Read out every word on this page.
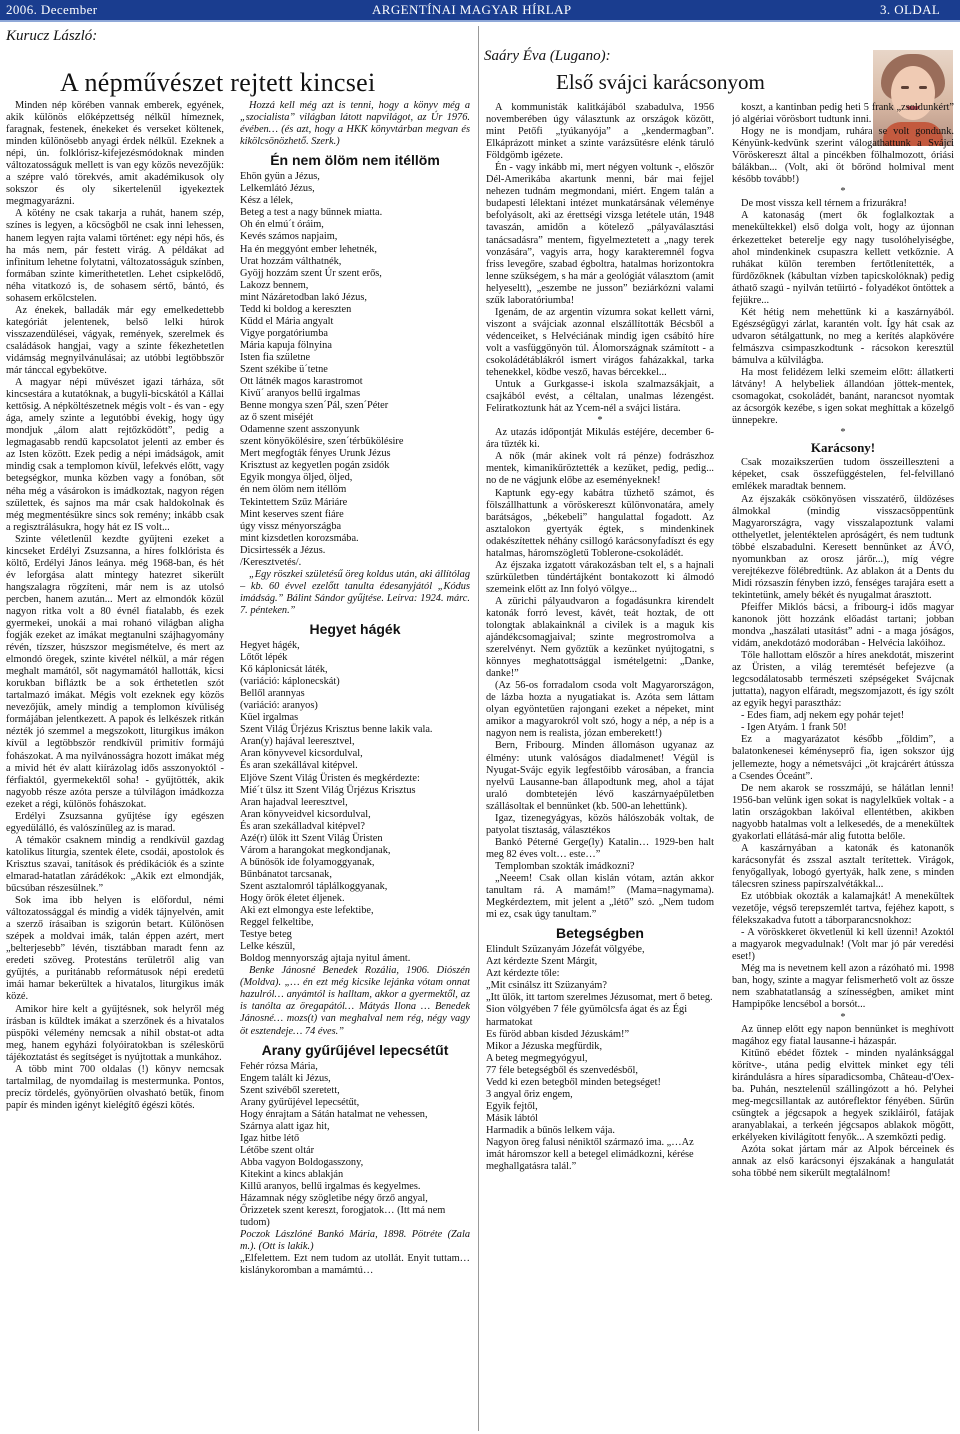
2006. December	ARGENTÍNAI MAGYAR HÍRLAP	3. OLDAL
Kurucz László:
A népművészet rejtett kincsei

Minden nép körében vannak emberek, egyének, akik különös előképzettség nélkül hímeznek, faragnak, festenek, énekeket és verseket költenek, minden különösebb anyagi érdek nélkül. Ezeknek a népi, ún. folklórisz-kifejezésmódoknak minden változatosságuk mellett is van egy közös nevezőjük: a szépre való törekvés, amit akadémikusok oly sokszor és oly sikertelenül igyekeztek megmagyarázni.

A kötény ne csak takarja a ruhát, hanem szép, színes is legyen, a köcsögből ne csak inni lehessen, hanem legyen rajta valami történet: egy népi hős, és ha más nem, pár festett virág. A példákat ad infinitum lehetne folytatni, változatosságuk színben, formában szinte kimeríthetetlen. Lehet csipkelődő, néha vitatkozó is, de sohasem sértő, bántó, és sohasem erkölcstelen.

Az énekek, balladák már egy emelkedettebb kategóriát jelentenek, belső lelki húrok visszazendülései, vágyak, remények, szerelmek és családások hangjai, vagy a szinte fékezhetetlen vidámság megnyilvánulásai; az utóbbi legtöbbször már tánccal egybekötve.

A magyar népi művészet igazi tárháza, sőt kincsestára a kutatóknak, a bugyli-bicskától a Kállai kettősig. A népköltészetnek mégis volt - és van - egy ága, amely szinte a legutóbbi évekig, hogy úgy mondjuk „álom alatt rejtőzködött”, pedig a legmagasabb rendű kapcsolatot jelenti az ember és az Isten között. Ezek pedig a népi imádságok, amit mindig csak a templomon kívül, lefekvés előtt, vagy betegségkor, munka közben vagy a fonóban, sőt néha még a vásárokon is imádkoztak, nagyon régen születtek, és sajnos ma már csak haldokolnak és még megmentésükre sincs sok remény; inkább csak a regisztrálásukra, hogy hát ez IS volt...

Szinte véletlenül kezdte gyűjteni ezeket a kincseket Erdélyi Zsuzsanna, a híres folklórista és költő, Erdélyi János leánya. még 1968-ban, és hét év leforgása alatt mintegy hatezret sikerült hangszalagra rögzíteni, már nem is az utolsó percben, hanem azután... Mert az elmondók közül nagyon ritka volt a 80 évnél fiatalabb, és ezek gyermekei, unokái a mai rohanó világban aligha fogják ezeket az imákat megtanulni szájhagyomány révén, tízszer, húszszor megismételve, és mert az elmondó öregek, szinte kivétel nélkül, a már régen meghalt mamától, sőt nagymamától hallották, kicsi korukban bifláztk be a sok érthetetlen szót tartalmazó imákat. Mégis volt ezeknek egy közös nevezőjük, amely mindig a templomon kívüliség formájában jelentkezett. A papok és lelkészek ritkán nézték jó szemmel a megszokott, liturgikus imákon kívül a legtöbbször rendkívül primitív formájú fohászokat. A ma nyilvánosságra hozott imákat még a mivid hét év alatt kiírázolag idős asszonyoktól - férfiaktól, gyermekektől soha! - gyűjtötték, akik nagyobb része azóta persze a túlvilágon imádkozza ezeket a régi, különös fohászokat.

Erdélyi Zsuzsanna gyűjtése így egészen egyedülálló, és valószínűleg az is marad.

A témakör csaknem mindig a rendkívül gazdag katolikus liturgia, szentek élete, csodái, apostolok és Krisztus szavai, tanítások és prédikációk és a szinte elmarad-hatatlan zárádékok: „Akik ezt elmondják, bűcsúban részesülnek.”

Sok ima ibb helyen is előfordul, némi változatossággal és mindig a vidék tájnyelvén, amit a szerző írásaiban is szigorún betart. Különösen szépek a moldvai imák, talán éppen azért, mert „belterjesebb” lévén, tisztábban maradt fenn az eredeti szöveg. Protestáns területről alig van gyűjtés, a puritánabb reformátusok népi eredetű imái hamar bekerültek a hivatalos, liturgikus imák közé.

Amikor hire kelt a gyűjtésnek, sok helyről még írásban is küldtek imákat a szerzőnek és a hivatalos püspöki vélemény nemcsak a nihil obstat-ot adta meg, hanem egyházi folyóiratokban is széleskörű tájékoztatást és segítséget is nyújtottak a munkához.

A több mint 700 oldalas (!) könyv nemcsak tartalmilag, de nyomdailag is mestermunka. Pontos, precíz tördelés, gyönyörűen olvasható betűk, finom papír és minden igényt kielégítő égészi kötés.

Hozzá kell még azt is tenni, hogy a könyv még a „szocialista” világban látott napvilágot, az Úr 1976. évében… (és azt, hogy a HKK könyvtárban megvan és kikölcsönözhető. Szerk.)

Én nem ölöm nem itéllöm
Ehön gyün a Jézus,
Lelkemlátó Jézus,
Kész a lélek,
Beteg a test a nagy bűnnek miatta.
Oh én elmú´t óráim,
Kevés számos napjaim,
Ha én meggyónt ember lehetnék,
Urat hozzám válthatnék,
Gyöjj hozzám szent Úr szent erős,
Lakozz bennem,
mint Názáretodban lakó Jézus,
Tedd ki boldog a kereszten
Küdd el Mária angyalt
Vigye porgatóriumba
Mária kapuja fölnyina
Isten fia születne
Szent székibe ü´tetne
Ott látnék magos karastromot
Kivű´ aranyos bellű irgalmas
Benne mongya szen´Pál, szen´Péter
az ő szent miséjét
Odamenne szent asszonyunk
szent könyökölésire, szen´térbükölésire
Mert megfogták fényes Urunk Jézus
Krisztust az kegyetlen pogán zsidók
Egyik mongya öljed, öljed,
én nem ölöm nem itéllöm
Tekintettem Szűz Máriáre
Mint keserves szent fiáre
úgy vissz ményországba
mint kizsdetlen korozsmába.
Dicsirtessék a Jézus.
/Keresztvetés/.

„Egy röszkei születésű öreg koldus után, aki állítólag – kb. 60 évvel ezelőtt tanulta édesanyjától „Kódus imádság.” Bálint Sándor gyűjtése. Leírva: 1924. márc. 7. pénteken.”

Hegyet hágék
Hegyet hágék,
Lőtőt lépék
Kő káplonicsát láték,
(variáció: káplonecskát)
Bellől arannyas
(variáció: aranyos)
Küel irgalmas
Szent Világ Ürjézus Krisztus benne lakik vala.
Aran(y) hajával leeresztvel,
Aran könyvevel kicsordulval,
És aran szekállával kitépvel.
Eljöve Szent Világ Üristen és megkérdezte:
Mié´t ülsz itt Szent Világ Ürjézus Krisztus
Aran hajadval leeresztvel,
Aran könyveidvel kicsordulval,
És aran szekálladval kitépvel?
Azé(r) ülök itt Szent Világ Üristen
Várom a harangokat megkondjanak,
A bűnösök ide folyamoggyanak,
Bűnbánatot tarcsanak,
Szent asztalomról táplálkoggyanak,
Hogy örök életet éljenek.
Aki ezt elmongya este lefektibe,
Reggel felkeltibe,
Testye beteg
Lelke készül,
Boldog mennyország ajtaja nyitul áment.

Benke Jánosné Benedek Rozália, 1906. Diószén (Moldva). „… én ezt még kicsike lejánka vótam onnat hazulról… anyámtól is halltam, akkor a gyermektől, az is tanólta az öregapától… Mátyás Ilona … Benedek Jánosné… mozs(t) van meghalval nem rég, négy vagy öt esztendeje… 74 éves.”

Arany gyűrűjével lepecsétűt
Fehér rózsa Mária,
Engem talált ki Jézus,
Szent szivéből szeretett,
Arany gyűrűjével lepecsétűt,
Hogy énrajtam a Sátán hatalmat ne vehessen,
Szárnya alatt igaz hit,
Igaz hitbe létő
Létőbe szent oltár
Abba vagyon Boldogasszony,
Kitekint a kincs ablakján
Killű aranyos, bellű irgalmas és kegyelmes.
Házamnak négy szögletibe négy őrző angyal,
Őrizzetek szent kereszt, forogjatok… (Itt má nem tudom)

Poczok Lászlóné Bankó Mária, 1898. Pötréte (Zala m.). (Ott is lakik.)

„Elfelettem. Ezt nem tudom az utollát. Enyit tuttam… kislánykoromban a mamámtú…

Saáry Éva (Lugano):
Első svájci karácsonyom

A kommunisták kalitkájából szabadulva, 1956 novemberében úgy választunk az országok között, mint Petőfi „tyúkanyója” a „kendermagban”. Elkáprázott minket a szinte varázsütésre elénk táruló Földgömb igézete.

Én - vagy inkább mi, mert négyen voltunk -, először Dél-Amerikába akartunk menni, bár mai fejjel nehezen tudnám megmondani, miért. Engem talán a budapesti lélektani intézet munkatársának véleménye befolyásolt, aki az érettségi vizsga letétele után, 1948 tavaszán, amidőn a kötelező „pályaválasztási tanácsadásra” mentem, figyelmeztetett a „nagy terek vonzására”, vagyis arra, hogy karakteremnél fogva friss levegőre, szabad égboltra, hatalmas horizontokra lenne szükségem, s ha már a geológiát választom (amit helyeseltt), „eszembe ne jusson” beziárkózni valami szűk laboratóriumba!

Igenám, de az argentin vízumra sokat kellett várni, viszont a svájciak azonnal elszállították Bécsből a védenceiket, s Helvéciának mindig igen csábító híre volt a vasfüggönyön túl. Álomországnak számított - a csokoládétáblákról ismert virágos faházakkal, tarka tehenekkel, ködbe vesző, havas bércekkel...

Untuk a Gurkgasse-i iskola szalmazsákjait, a csajkából evést, a céltalan, unalmas lézengést. Feliratkoztunk hát az Ycem-nél a svájci listára.

*

Az utazás időpontját Mikulás estéjére, december 6-ára tűzték ki.

A nők (már akinek volt rá pénze) fodrászhoz mentek, kimanikűröztették a kezüket, pedig, pedig... no de ne vágjunk előbe az eseményeknek!

Kaptunk egy-egy kabátra tűzhető számot, és fölszállhattunk a vöröskereszt különvonatára, amely barátságos, „békebeli” hangulattal fogadott. Az asztalokon gyertyák égtek, s mindenkinek odakészítettek néhány csillogó karácsonyfadíszt és egy hatalmas, háromszögletű Toblerone-csokoládét.

Az éjszaka izgatott várakozásban telt el, s a hajnali szürkületben tündértájként bontakozott ki álmodó szemeink előtt az Inn folyó völgye...

A zürichi pályaudvaron a fogadásunkra kirendelt katonák forró levest, kávét, teát hoztak, de ott tolongtak ablakainknál a civilek is a maguk kis ajándékcsomagjaival; szinte megrostromolva a szerelvényt. Nem győztük a kezünket nyújtogatni, s könnyes meghatottsággal ismételgetni: „Danke, danke!”

(Az 56-os forradalom csoda volt Magyarországon, de lázba hozta a nyugatiakat is. Azóta sem láttam olyan egyöntetűen rajongani ezeket a népeket, mint amikor a magyarokról volt szó, hogy a nép, a nép is a nagyon nem is realista, józan emberekett!)

Bern, Fribourg. Minden állomáson ugyanaz az élmény: utunk valóságos diadalmenet! Végül is Nyugat-Svájc egyik legfestőibb városában, a francia nyelvű Lausanne-ban állapodtunk meg, ahol a tájat uraló dombtetején lévő kaszárnyaépületben szállásoltak el bennünket (kb. 500-an lehettünk).

Igaz, tizenegyágyas, közös hálószobák voltak, de patyolat tisztaság, választékos

Bankó Péterné Gerge(ly) Katalin… 1929-ben halt meg 82 éves volt… este…”

Templomban szokták imádkozni?

„Neeem! Csak ollan kislán vótam, aztán akkor tanultam rá. A mamám!” (Mama=nagymama). Megkérdeztem, mit jelent a „létő” szó. „Nem tudom mi ez, csak úgy tanultam.”

Betegségben
Elindult Szüzanyám Józefát völgyébe,
Azt kérdezte Szent Márgit,
Azt kérdezte tőle:
„Mit csinálsz itt Szüzanyám?
„Itt ülök, itt tartom szerelmes Jézusomat, mert ő beteg.
Sion völgyében 7 féle gyümölcsfa ágat és az Égi harmatokat
Es füröd abban kisded Jézuskám!”
Mikor a Jézuska megfürdik,
A beteg megmegyógyul,
77 féle betegségből és szenvedésből,
Vedd ki ezen betegből minden betegséget!
3 angyal őriz engem,
Egyik fejtől,
Másik lábtól
Harmadik a bűnös lelkem vája.
Nagyon öreg falusi néniktől származó ima. „…Az imát háromszor kell a betegel elimádkozni, kérése meghallgatásra talál.”

koszt, a kantinban pedig heti 5 frank „zsoldunkért” jó algériai vörösbort tudtunk inni.

Hogy ne is mondjam, ruhára se volt gondunk. Kényünk-kedvünk szerint válogathattunk a Svájci Vöröskereszt által a pincékben fölhalmozott, óriási bálákban... (Volt, aki öt bőrönd holmival ment később tovább!)

*

De most vissza kell térnem a frizurákra!

A katonaság (mert ők foglalkoztak a menekültekkel) első dolga volt, hogy az újonnan érkezetteket beterelje egy nagy tusolóhelyiségbe, ahol mindenkinek csupaszra kellett vetkőznie. A ruhákat külön teremben fertőtlenítették, a fürdőzőknek (kábultan vízben tapicskolóknak) pedig áthatő szagú - nyilván tetűirtó - folyadékot öntöttek a fejükre...

Két hétig nem mehettünk ki a kaszárnyából. Egészségügyi zárlat, karantén volt. Így hát csak az udvaron sétálgattunk, no meg a kerítés alapkövére felmászva csimpaszkodtunk - rácsokon keresztül bámulva a külvilágba.

Ha most felidézem lelki szemeim előtt: állatkerti látvány! A helybeliek állandóan jöttek-mentek, csomagokat, csokoládét, banánt, narancsot nyomtak az ácsorgók kezébe, s igen sokat meghíttak a közelgő ünnepekre.

*

Karácsony!

Csak mozaikszerűen tudom összeilleszteni a képeket, csak összefüggéstelen, fel-felvillanó emlékek maradtak bennem.

Az éjszakák csökönyösen visszatérő, üldözéses álmokkal (mindig visszacsöppentünk Magyarországra, vagy visszalapoztunk valami otthelyetlet, jelentéktelen apróságért, és nem tudtunk többé elszabadulni. Keresett bennünket az ÁVÓ, nyomunkban az orosz járőr...), míg végre verejtékezve fölébredtünk. Az ablakon át a Dents du Midi rózsaszín fényben izzó, fenséges tarajára esett a tekintetünk, amely békét és nyugalmat árasztott.

Pfeiffer Miklós bácsi, a fribourg-i idős magyar kanonok jött hozzánk előadást tartani; jobban mondva „haszálati utasítást” adni - a maga jóságos, vidám, anekdotázó modorában - Helvécia lakóihoz.

Tőle hallottam először a híres anekdotát, miszerint az Üristen, a világ teremtését befejezve (a legcsodálatosabb természeti szépségeket Svájcnak juttatta), nagyon elfáradt, megszomjazott, és így szólt az egyik hegyi parasztház:

- Edes fiam, adj nekem egy pohár tejet!

- Igen Atyám. 1 frank 50!

Ez a magyarázatot késő̋bb „földim”, a balatonkenesei kéményseprő fia, igen sokszor újg jellemezte, hogy a németsvájci „öt krajcárért átússza a Csendes Óceánt”.

De nem akarok se rosszmájú, se hálátlan lenni! 1956-ban velünk igen sokat is nagylelkűek voltak - a latin országokban lakóival ellentétben, akikben nagyobb hatalmas volt a lelkesedés, de a menekültek gyakorlati ellátásá-már alig futotta belőle.

A kaszárnyában a katonák és katonanők karácsonyfát és zsszal asztalt terítettek. Virágok, fenyőgallyak, lobogó gyertyák, halk zene, s minden tálecsren sziness papírszalvétákkal...

Ez utóbbiak okozták a kalamajkát! A menekültek vezetője, végső terepszemlét tartva, fejéhez kapott, s félekszakadva futott a táborparancsnokhoz:

- A vöröskkeret ökvetlenül ki kell üzenni! Azoktól a magyarok megvadulnak! (Volt mar jó pár veredési eset!)

Még ma is nevetnem kell azon a rázóható mi. 1998 ban, hogy, szinte a magyar felismerhető volt az össze nem szabhatatlanság a színességben, amiket mint Hampipőke lencsébol a borsót...

*

Az ünnep előtt egy napon bennünket is meghívott magához egy fiatal lausanne-i házaspár.

Kitűnő ebédet főztek - minden nyalánksággal körítve-, utána pedig elvittek minket egy téli kirándulásra a híres síparadicsomba, Château-d'Oex-ba. Puhán, nesztelenül szállingózott a hó. Pelyhei meg-megcsillantak az autóreflektor fényében. Sűrűn csüngtek a jégcsapok a hegyek szikláiról, fatájak aranyablakai, a terkeén jégcsapos ablakok mögött, erkélyeken kivilágított fenyők... A szemközti pedig.

Azóta sokat jártam már az Alpok bérceinek és annak az első karácsonyi éjszakának a hangulatát soha többé nem sikerült megtalálnom!
